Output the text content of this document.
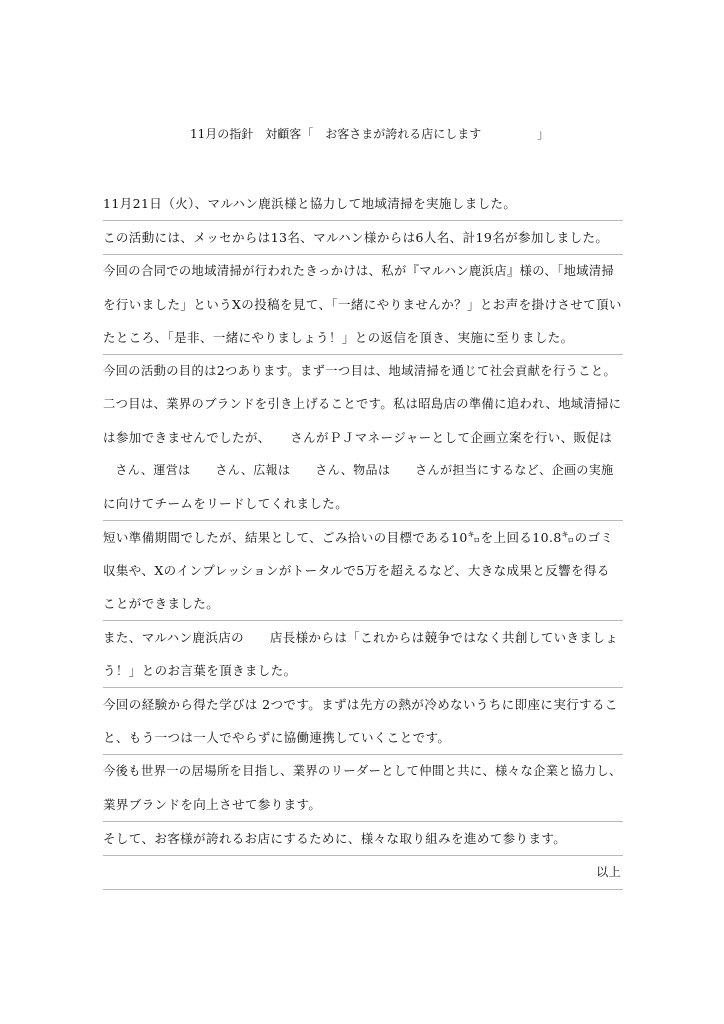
11月の指針　対顧客「　お客さまが誇れる店にします	」
11月21日（火）、マルハン鹿浜様と協力して地域清掃を実施しました。
この活動には、メッセからは13名、マルハン様からは6人名、計19名が参加しました。
今回の合同での地域清掃が行われたきっかけは、私が『マルハン鹿浜店』様の、「地域清掃
を行いました」というXの投稿を見て、「一緒にやりませんか？」とお声を掛けさせて頂い
たところ、「是非、一緒にやりましょう！」との返信を頂き、実施に至りました。
今回の活動の目的は2つあります。まず一つ目は、地域清掃を通じて社会貢献を行うこと。
二つ目は、業界のブランドを引き上げることです。私は昭島店の準備に追われ、地域清掃に
は参加できませんでしたが、　　さんがＰＪマネージャーとして企画立案を行い、販促は
　さん、運営は　　さん、広報は　　さん、物品は　　さんが担当にするなど、企画の実施
に向けてチームをリードしてくれました。
短い準備期間でしたが、結果として、ごみ拾いの目標である10㌔を上回る10.8㌔のゴミ
収集や、Xのインプレッションがトータルで5万を超えるなど、大きな成果と反響を得る
ことができました。
また、マルハン鹿浜店の　　店長様からは「これからは競争ではなく共創していきましょ
う！」とのお言葉を頂きました。
今回の経験から得た学びは 2つです。まずは先方の熱が冷めないうちに即座に実行するこ
と、もう一つは一人でやらずに協働連携していくことです。
今後も世界一の居場所を目指し、業界のリーダーとして仲間と共に、様々な企業と協力し、
業界ブランドを向上させて参ります。
そして、お客様が誇れるお店にするために、様々な取り組みを進めて参ります。
以上
